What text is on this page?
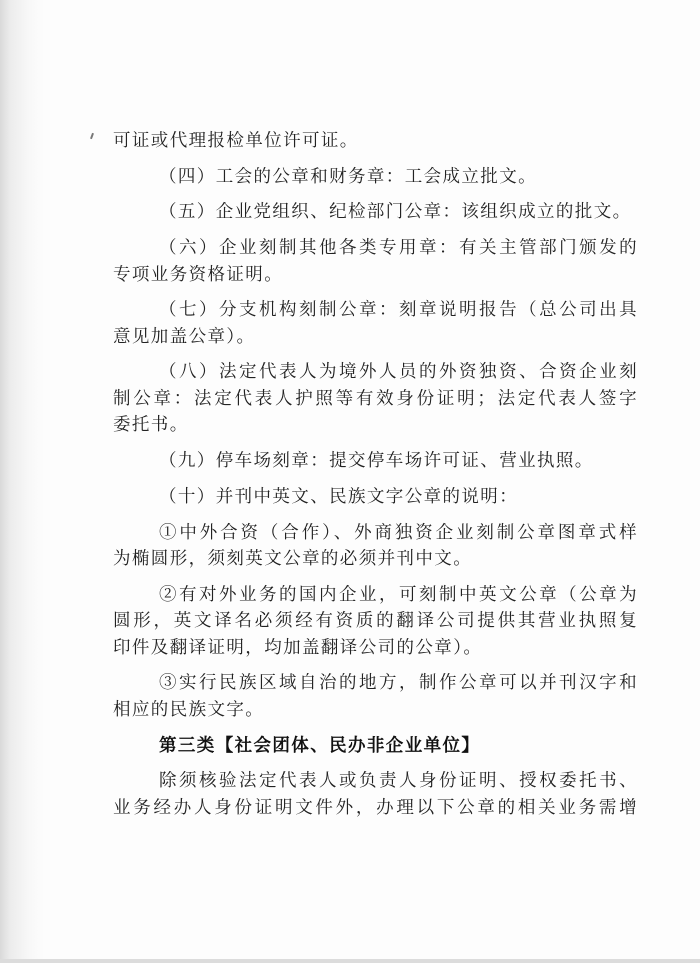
可证或代理报检单位许可证。
（四）工会的公章和财务章：工会成立批文。
（五）企业党组织、纪检部门公章：该组织成立的批文。
（六）企业刻制其他各类专用章：有关主管部门颁发的
专项业务资格证明。
（七）分支机构刻制公章：刻章说明报告（总公司出具
意见加盖公章）。
（八）法定代表人为境外人员的外资独资、合资企业刻
制公章：法定代表人护照等有效身份证明；法定代表人签字
委托书。
（九）停车场刻章：提交停车场许可证、营业执照。
（十）并刊中英文、民族文字公章的说明：
①中外合资（合作）、外商独资企业刻制公章图章式样
为椭圆形，须刻英文公章的必须并刊中文。
②有对外业务的国内企业，可刻制中英文公章（公章为
圆形，英文译名必须经有资质的翻译公司提供其营业执照复
印件及翻译证明，均加盖翻译公司的公章）。
③实行民族区域自治的地方，制作公章可以并刊汉字和
相应的民族文字。
第三类【社会团体、民办非企业单位】
除须核验法定代表人或负责人身份证明、授权委托书、
业务经办人身份证明文件外，办理以下公章的相关业务需增
